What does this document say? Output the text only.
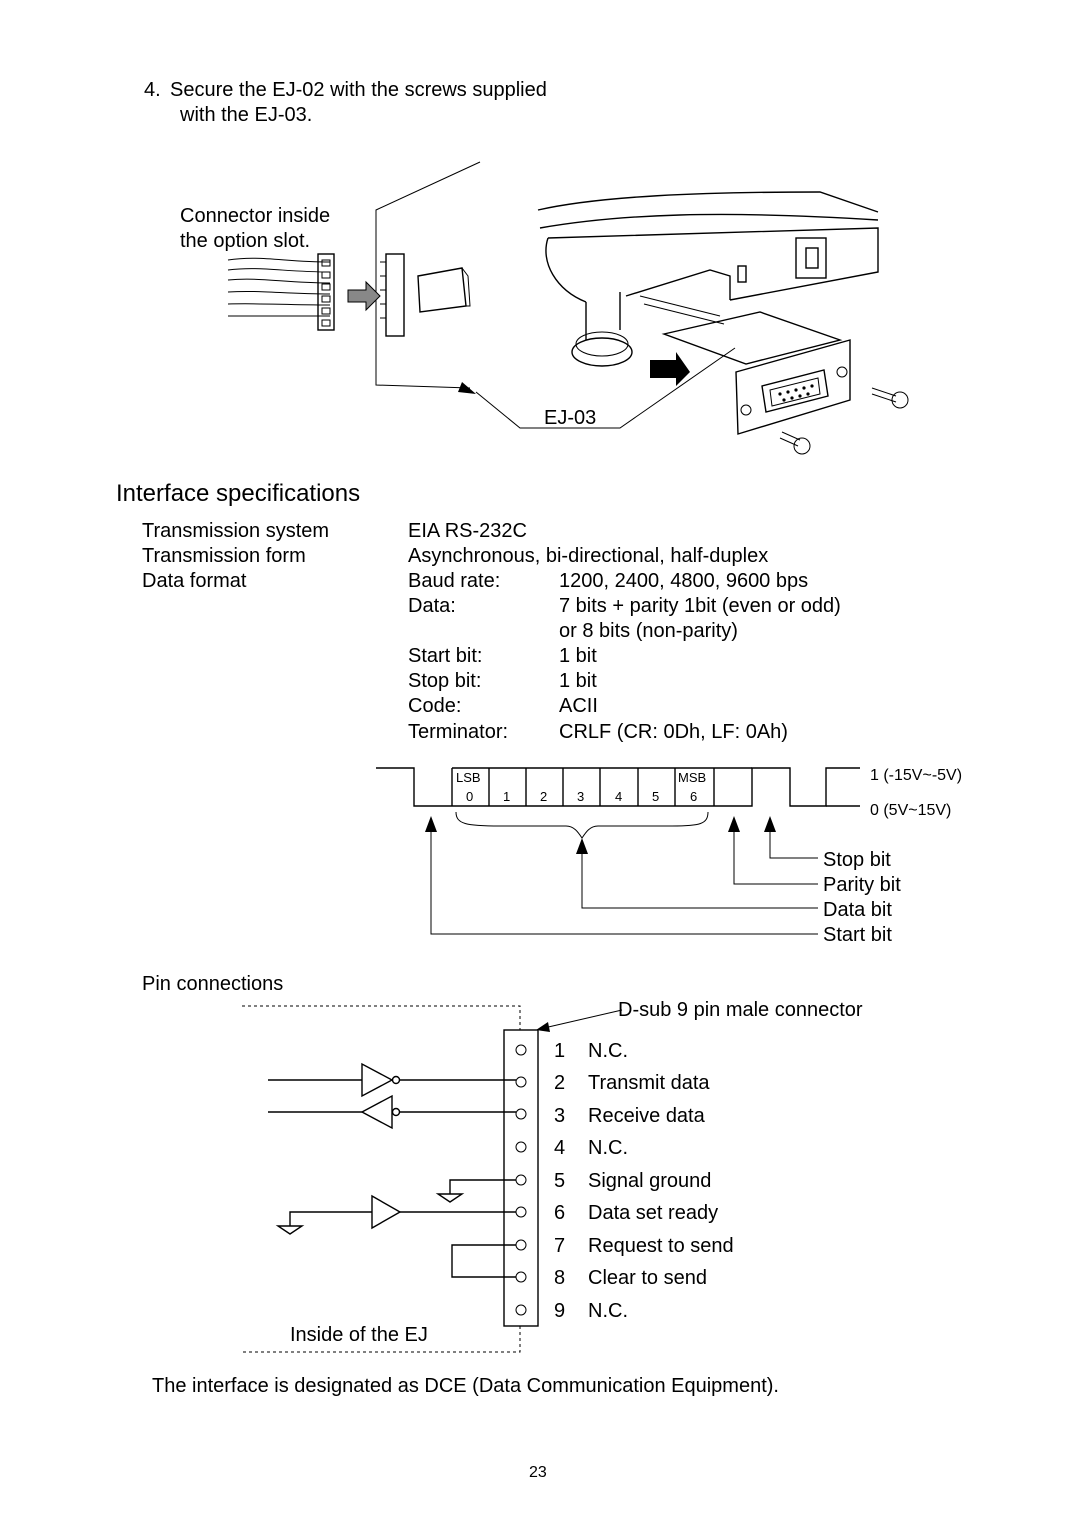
4. Secure the EJ-02 with the screws supplied
with the EJ-03.
Connector inside
the option slot.
EJ-03
Interface specifications
Transmission system	EIA RS-232C
Transmission form	Asynchronous, bi-directional, half-duplex
Data format	Baud rate:	1200, 2400, 4800, 9600 bps
Data:	7 bits + parity 1bit (even or odd)
or 8 bits (non-parity)
Start bit:	1 bit
Stop bit:	1 bit
Code:	ACII
Terminator:	CRLF (CR: 0Dh, LF: 0Ah)
LSB	MSB
0 1 2 3 4 5 6
1 (-15V~-5V)
0 (5V~15V)
Stop bit
Parity bit
Data bit
Start bit
Pin connections
D-sub 9 pin male connector
1 N.C.
2 Transmit data
3 Receive data
4 N.C.
5 Signal ground
6 Data set ready
7 Request to send
8 Clear to send
9 N.C.
Inside of the EJ
The interface is designated as DCE (Data Communication Equipment).
23
